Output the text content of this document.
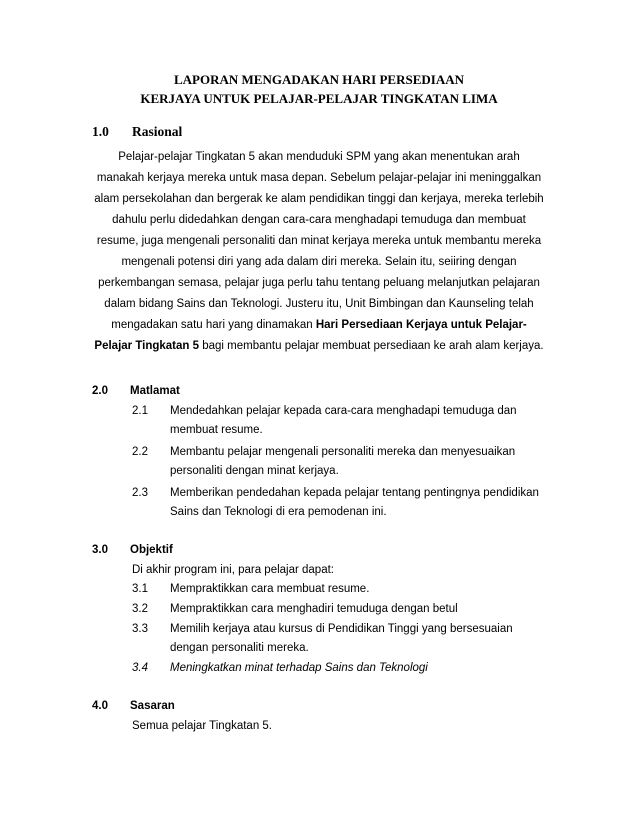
LAPORAN MENGADAKAN HARI PERSEDIAAN
KERJAYA UNTUK PELAJAR-PELAJAR TINGKATAN LIMA
1.0 Rasional
Pelajar-pelajar Tingkatan 5 akan menduduki SPM yang akan menentukan arah
manakah kerjaya mereka untuk masa depan. Sebelum pelajar-pelajar ini meninggalkan
alam persekolahan dan bergerak ke alam pendidikan tinggi dan kerjaya, mereka terlebih
dahulu perlu didedahkan dengan cara-cara menghadapi temuduga dan membuat
resume, juga mengenali personaliti dan minat kerjaya mereka untuk membantu mereka
mengenali potensi diri yang ada dalam diri mereka. Selain itu, seiiring dengan
perkembangan semasa, pelajar juga perlu tahu tentang peluang melanjutkan pelajaran
dalam bidang Sains dan Teknologi. Justeru itu, Unit Bimbingan dan Kaunseling telah
mengadakan satu hari yang dinamakan Hari Persediaan Kerjaya untuk Pelajar-
Pelajar Tingkatan 5 bagi membantu pelajar membuat persediaan ke arah alam kerjaya.
2.0 Matlamat
2.1 Mendedahkan pelajar kepada cara-cara menghadapi temuduga dan
membuat resume.
2.2 Membantu pelajar mengenali personaliti mereka dan menyesuaikan
personaliti dengan minat kerjaya.
2.3 Memberikan pendedahan kepada pelajar tentang pentingnya pendidikan
Sains dan Teknologi di era pemodenan ini.
3.0 Objektif
Di akhir program ini, para pelajar dapat:
3.1 Mempraktikkan cara membuat resume.
3.2 Mempraktikkan cara menghadiri temuduga dengan betul
3.3 Memilih kerjaya atau kursus di Pendidikan Tinggi yang bersesuaian
dengan personaliti mereka.
3.4 Meningkatkan minat terhadap Sains dan Teknologi
4.0 Sasaran
Semua pelajar Tingkatan 5.
